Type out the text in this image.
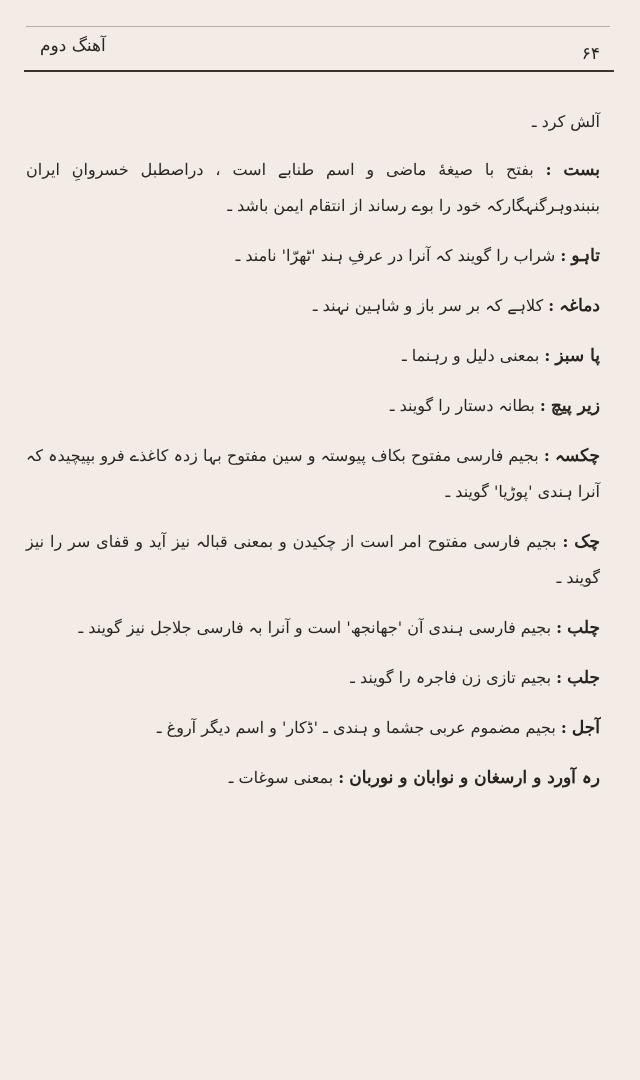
آهنگ دوم	۶۴

آلش کرد ـ

بست : بفتح با صیغۀ ماضی و اسم طنابے است ، دراصطبل خسروانِ ایران بنبندوہرگنہگارکہ خود را بوے رساند از انتقام ایمن باشد ـ

تاہو : شراب را گویند کہ آنرا در عرفِ ہند 'ٹھرّا' نامند ـ

دماغہ : کلاہے کہ بر سر باز و شاہین نہند ـ

پا سبز : بمعنی دلیل و رہنما ـ

زیر پیچ : بطانہ دستار را گویند ـ

چکسہ : بجیم فارسی مفتوح بکاف پیوستہ و سین مفتوح بہا زدہ کاغذے فرو بپیچیدہ کہ آنرا ہندی 'پوڑیا' گویند ـ

چک : بجیم فارسی مفتوح امر است از چکیدن و بمعنی قبالہ نیز آید و قفای سر را نیز گویند ـ

چلب : بجیم فارسی ہندی آن 'جھانجھ' است و آنرا بہ فارسی جلاجل نیز گویند ـ

جلب : بجیم تازی زن فاجرہ را گویند ـ

آجل : بجیم مضموم عربی جشما و ہندی ـ 'ڈکار' و اسم دیگر آروغ ـ

رہ آورد و ارسغان و نوابان و نوربان : بمعنی سوغات ـ
